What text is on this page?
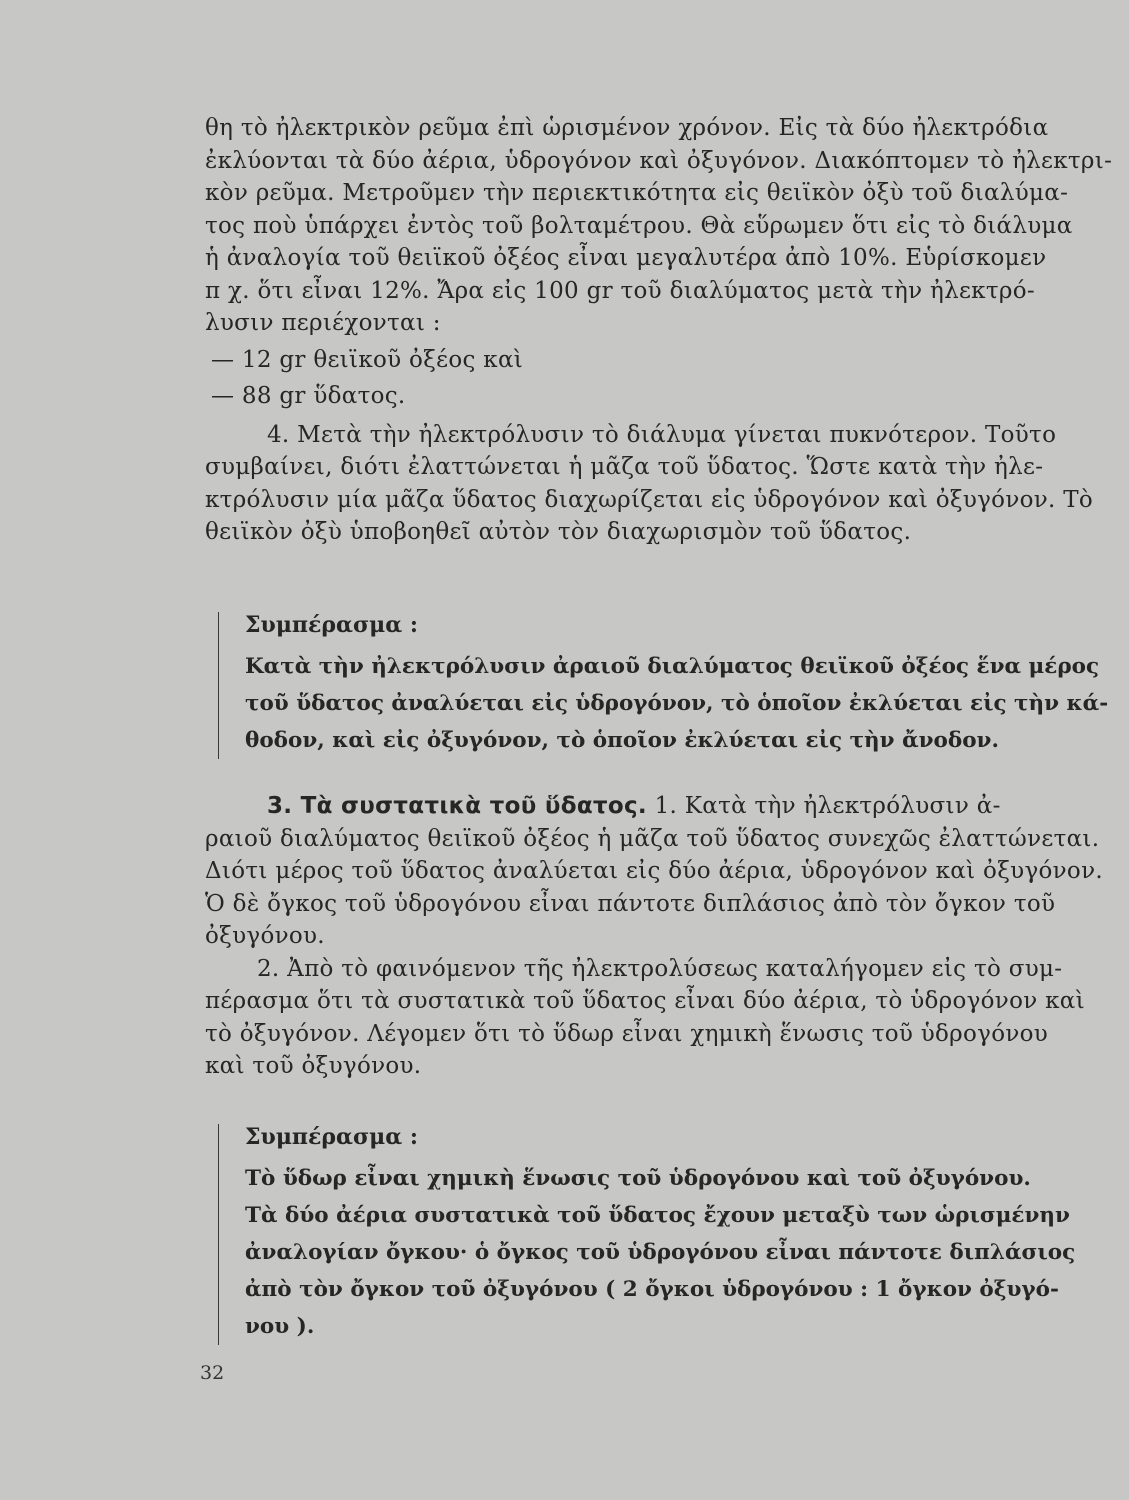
θη τὸ ἠλεκτρικὸν ρεῦμα ἐπὶ ὡρισμένον χρόνον. Εἰς τὰ δύο ἠλεκτρόδια
ἐκλύονται τὰ δύο ἀέρια, ὑδρογόνον καὶ ὀξυγόνον. Διακόπτομεν τὸ ἠλεκτρι-
κὸν ρεῦμα. Μετροῦμεν τὴν περιεκτικότητα εἰς θειϊκὸν ὀξὺ τοῦ διαλύμα-
τος ποὺ ὑπάρχει ἐντὸς τοῦ βολταμέτρου. Θὰ εὕρωμεν ὅτι εἰς τὸ διάλυμα
ἡ ἀναλογία τοῦ θειϊκοῦ ὀξέος εἶναι μεγαλυτέρα ἀπὸ 10%. Εὑρίσκομεν
π χ. ὅτι εἶναι 12%. Ἄρα εἰς 100 gr τοῦ διαλύματος μετὰ τὴν ἠλεκτρό-
λυσιν περιέχονται :
— 12 gr θειϊκοῦ ὀξέος καὶ
— 88 gr ὕδατος.
4. Μετὰ τὴν ἠλεκτρόλυσιν τὸ διάλυμα γίνεται πυκνότερον. Τοῦτο
συμβαίνει, διότι ἐλαττώνεται ἡ μᾶζα τοῦ ὕδατος. Ὥστε κατὰ τὴν ἠλε-
κτρόλυσιν μία μᾶζα ὕδατος διαχωρίζεται εἰς ὑδρογόνον καὶ ὀξυγόνον. Τὸ
θειϊκὸν ὀξὺ ὑποβοηθεῖ αὐτὸν τὸν διαχωρισμὸν τοῦ ὕδατος.
Συμπέρασμα :
Κατὰ τὴν ἠλεκτρόλυσιν ἀραιοῦ διαλύματος θειϊκοῦ ὀξέος ἕνα μέρος
τοῦ ὕδατος ἀναλύεται εἰς ὑδρογόνον, τὸ ὁποῖον ἐκλύεται εἰς τὴν κά-
θοδον, καὶ εἰς ὀξυγόνον, τὸ ὁποῖον ἐκλύεται εἰς τὴν ἄνοδον.
3. Τὰ συστατικὰ τοῦ ὕδατος. 1. Κατὰ τὴν ἠλεκτρόλυσιν ἀ-
ραιοῦ διαλύματος θειϊκοῦ ὀξέος ἡ μᾶζα τοῦ ὕδατος συνεχῶς ἐλαττώνεται.
Διότι μέρος τοῦ ὕδατος ἀναλύεται εἰς δύο ἀέρια, ὑδρογόνον καὶ ὀξυγόνον.
Ὁ δὲ ὄγκος τοῦ ὑδρογόνου εἶναι πάντοτε διπλάσιος ἀπὸ τὸν ὄγκον τοῦ
ὀξυγόνου.
2. Ἀπὸ τὸ φαινόμενον τῆς ἠλεκτρολύσεως καταλήγομεν εἰς τὸ συμ-
πέρασμα ὅτι τὰ συστατικὰ τοῦ ὕδατος εἶναι δύο ἀέρια, τὸ ὑδρογόνον καὶ
τὸ ὀξυγόνον. Λέγομεν ὅτι τὸ ὕδωρ εἶναι χημικὴ ἕνωσις τοῦ ὑδρογόνου
καὶ τοῦ ὀξυγόνου.
Συμπέρασμα :
Τὸ ὕδωρ εἶναι χημικὴ ἕνωσις τοῦ ὑδρογόνου καὶ τοῦ ὀξυγόνου.
Τὰ δύο ἀέρια συστατικὰ τοῦ ὕδατος ἔχουν μεταξὺ των ὡρισμένην
ἀναλογίαν ὄγκου· ὁ ὄγκος τοῦ ὑδρογόνου εἶναι πάντοτε διπλάσιος
ἀπὸ τὸν ὄγκον τοῦ ὀξυγόνου ( 2 ὄγκοι ὑδρογόνου : 1 ὄγκον ὀξυγό-
νου ).
32
